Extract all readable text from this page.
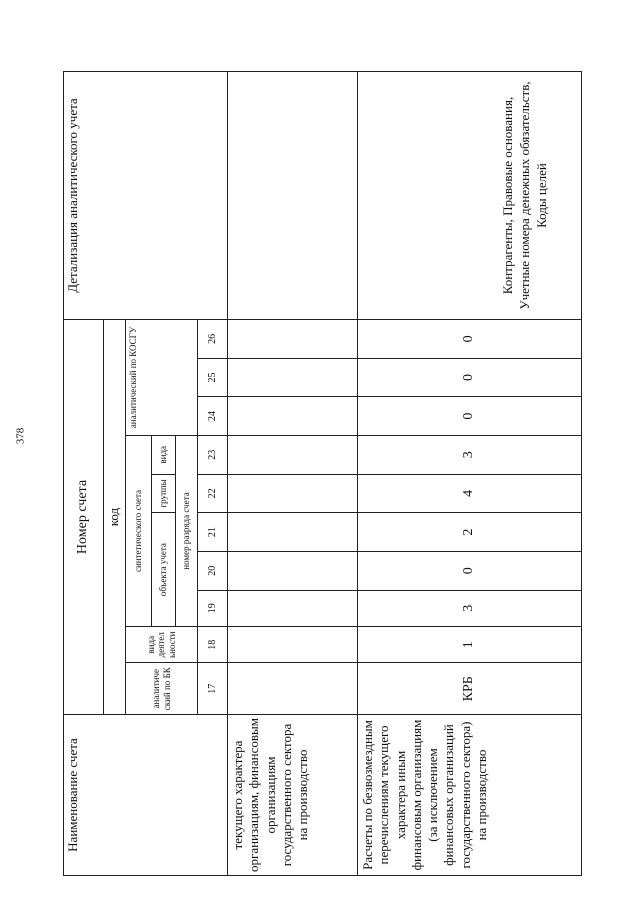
378
Наименование счета	Номер счета										Детализация аналитического учета
	код										
	аналитиче ский по БК	вида деятел ьности	синтетического счета					аналитический по КОСГУ			
			объекта учета			группы	вида				
			номер разряда счета								
	17	18	19	20	21	22	23	24	25	26	
текущего характера организациям, финансовым организациям государственного сектора на производство											
Расчеты по безвозмездным перечислениям текущего характера иным финансовым организациям (за исключением финансовых организаций государственного сектора) на производство	КРБ	1	3	0	2	4	3	0	0	0	Контрагенты, Правовые основания, Учетные номера денежных обязательств, Коды целей
